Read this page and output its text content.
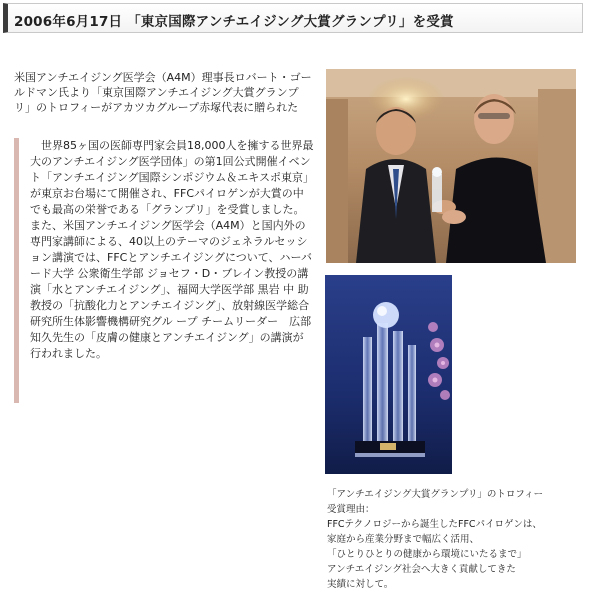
2006年6月17日 「東京国際アンチエイジング大賞グランプリ」を受賞
米国アンチエイジング医学会（A4M）理事長ロバート・ゴールドマン氏より「東京国際アンチエイジング大賞グランプリ」のトロフィーがアカツカグループ赤塚代表に贈られた

　世界85ヶ国の医師専門家会員18,000人を擁する世界最大のアンチエイジング医学団体」の第1回公式開催イベント「アンチエイジング国際シンポジウム＆エキスポ東京」が東京お台場にて開催され、FFCパイロゲンが大賞の中でも最高の栄誉である「グランプリ」を受賞しました。

また、米国アンチエイジング医学会（A4M）と国内外の専門家講師による、40以上のテーマのジェネラルセッション講演では、FFCとアンチエイジングについて、ハーバード大学 公衆衛生学部 ジョセフ・D・ブレイン教授の講演「水とアンチエイジング」、福岡大学医学部 黒岩 中 助教授の「抗酸化力とアンチエイジング」、放射線医学総合研究所生体影響機構研究グル ープ チームリーダー　広部知久先生の「皮膚の健康とアンチエイジング」の講演が行われました。

「アンチエイジング大賞グランプリ」のトロフィー
受賞理由：
FFCテクノロジーから誕生したFFCパイロゲンは、
家庭から産業分野まで幅広く活用、
「ひとりひとりの健康から環境にいたるまで」
アンチエイジング社会へ大きく貢献してきた
実績に対して。
